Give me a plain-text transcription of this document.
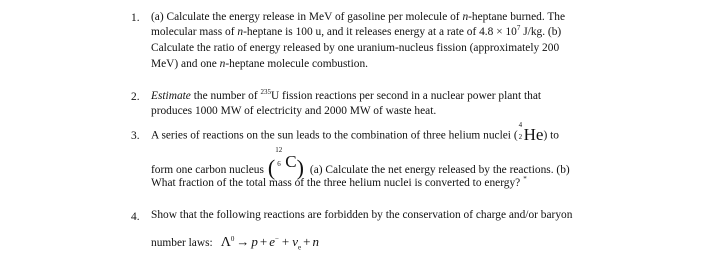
1. (a) Calculate the energy release in MeV of gasoline per molecule of n-heptane burned. The
molecular mass of n-heptane is 100 u, and it releases energy at a rate of $4.8 \times 10^7$ J/kg. (b)
Calculate the ratio of energy released by one uranium-nucleus fission (approximately 200
MeV) and one n-heptane molecule combustion.
2. Estimate the number of $^{235}$U fission reactions per second in a nuclear power plant that
produces 1000 MW of electricity and 2000 MW of waste heat.
3. A series of reactions on the sun leads to the combination of three helium nuclei (
4
2 He) to
form one carbon nucleus (
12
6 C) (a) Calculate the net energy released by the reactions. (b)
What fraction of the total mass of the three helium nuclei is converted to energy? *
4. Show that the following reactions are forbidden by the conservation of charge and/or baryon
number laws: $\Lambda^0 \to p + e^- + \nu_e + n$
